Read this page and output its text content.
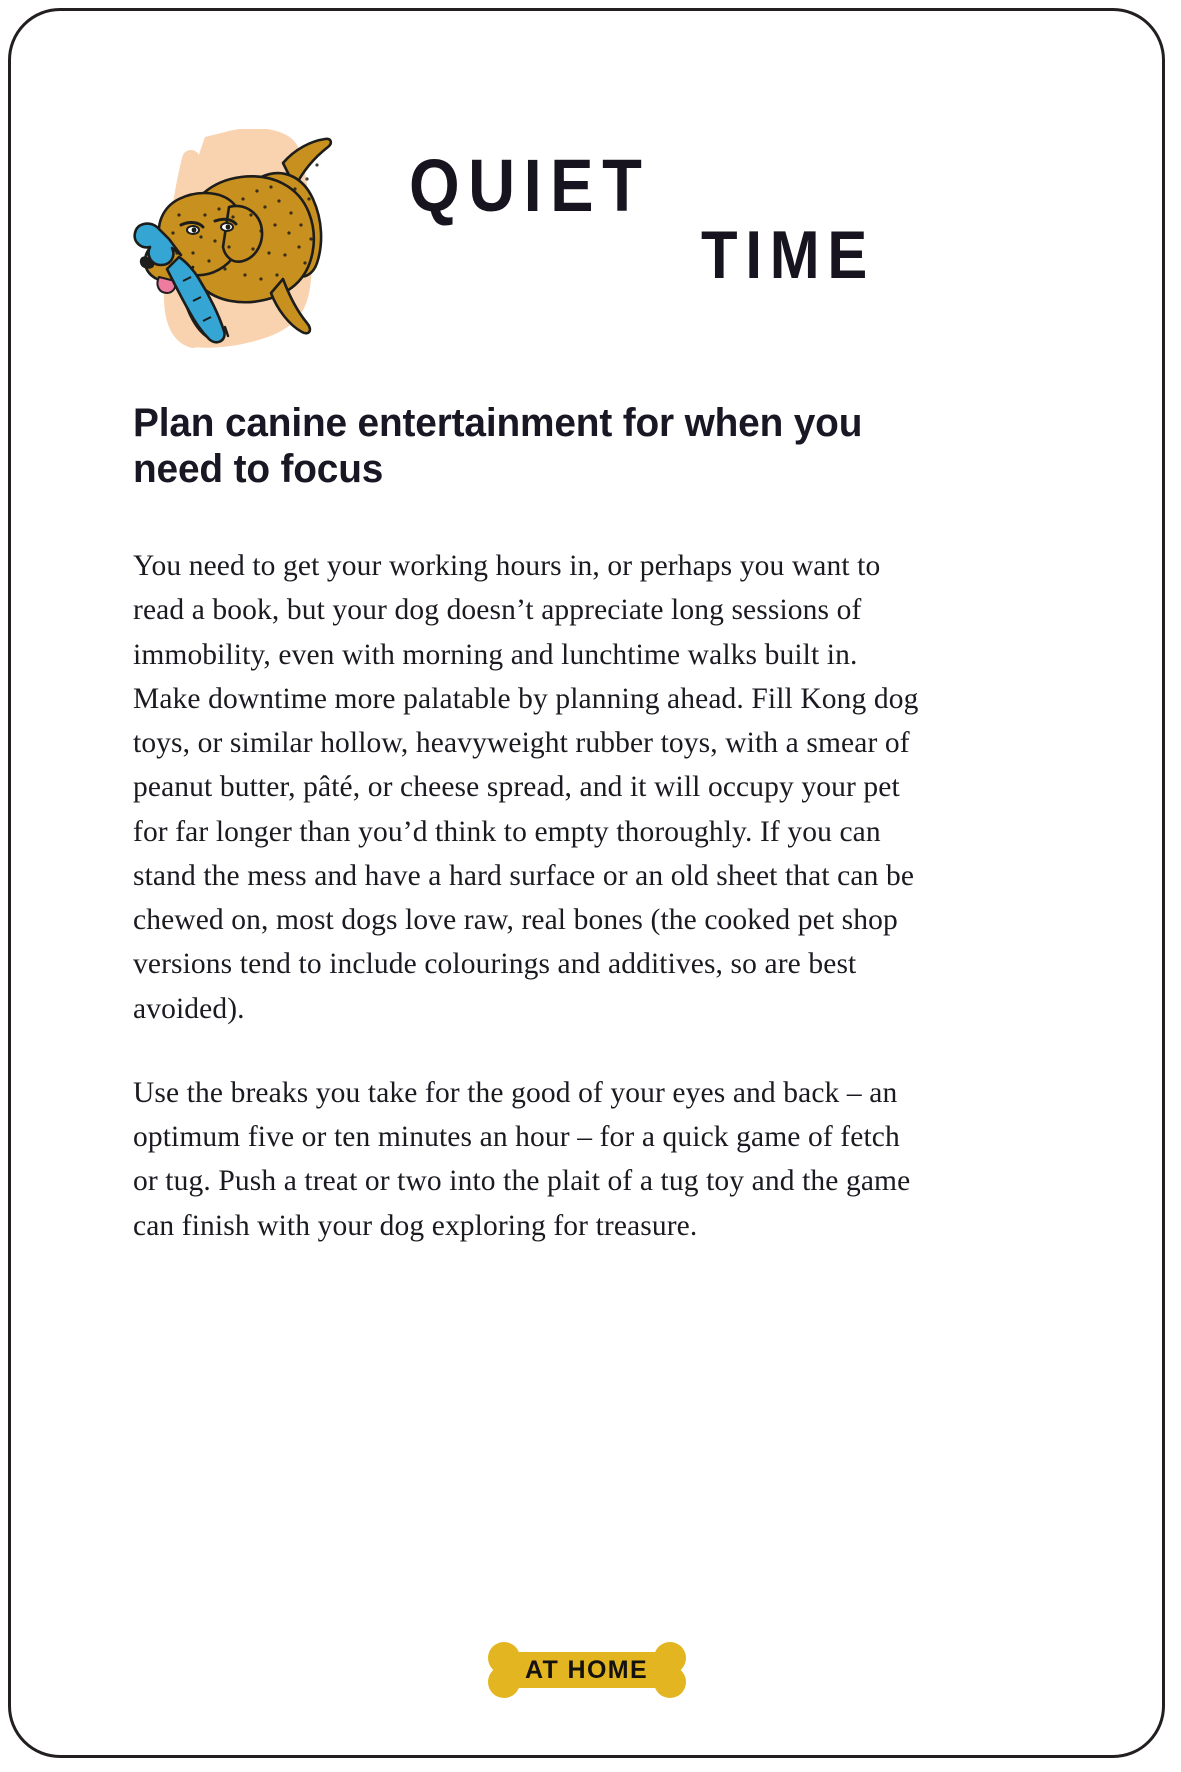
QUIET
TIME
Plan canine entertainment for when you need to focus

You need to get your working hours in, or perhaps you want to read a book, but your dog doesn’t appreciate long sessions of immobility, even with morning and lunchtime walks built in. Make downtime more palatable by planning ahead. Fill Kong dog toys, or similar hollow, heavyweight rubber toys, with a smear of peanut butter, pâté, or cheese spread, and it will occupy your pet for far longer than you’d think to empty thoroughly. If you can stand the mess and have a hard surface or an old sheet that can be chewed on, most dogs love raw, real bones (the cooked pet shop versions tend to include colourings and additives, so are best avoided).

Use the breaks you take for the good of your eyes and back – an optimum five or ten minutes an hour – for a quick game of fetch or tug. Push a treat or two into the plait of a tug toy and the game can finish with your dog exploring for treasure.

AT HOME
